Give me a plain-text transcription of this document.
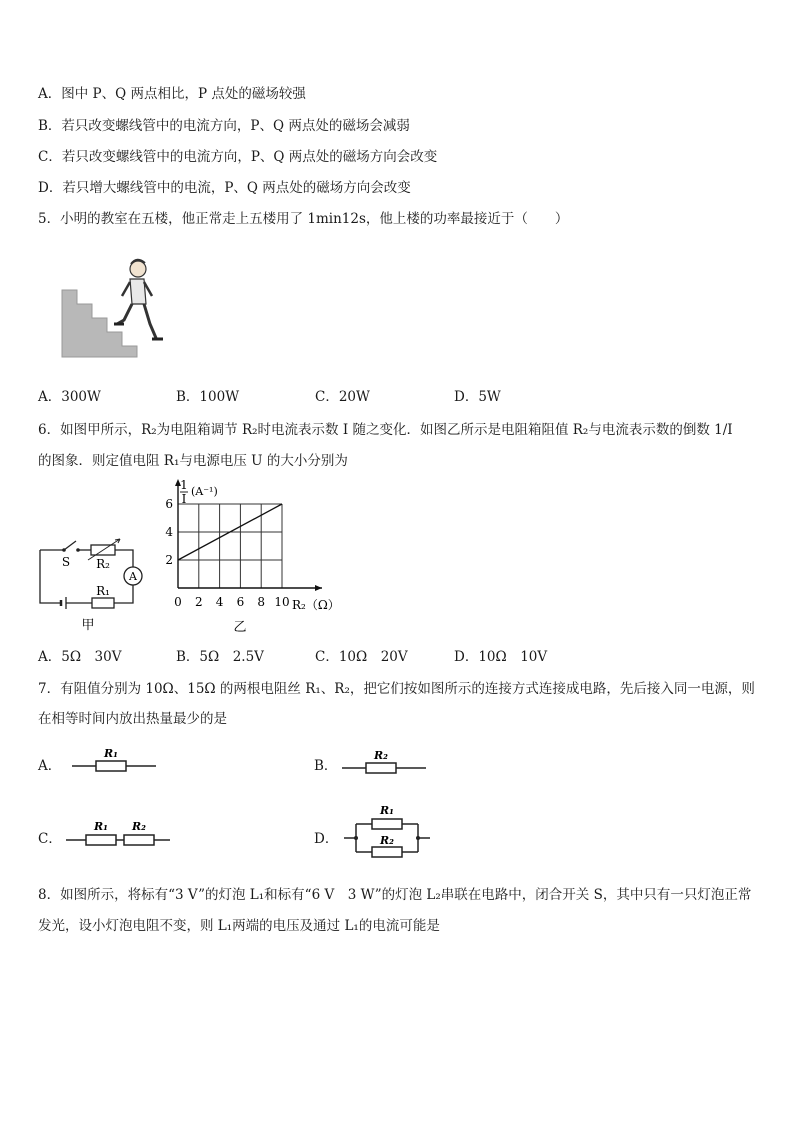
A．图中 P、Q 两点相比，P 点处的磁场较强
B．若只改变螺线管中的电流方向，P、Q 两点处的磁场会减弱
C．若只改变螺线管中的电流方向，P、Q 两点处的磁场方向会改变
D．若只增大螺线管中的电流，P、Q 两点处的磁场方向会改变
5．小明的教室在五楼，他正常走上五楼用了 1min12s，他上楼的功率最接近于（　　）
A．300W	B．100W	C．20W	D．5W
6．如图甲所示，R₂为电阻箱调节 R₂时电流表示数 I 随之变化．如图乙所示是电阻箱阻值 R₂与电流表示数的倒数 1/I
的图象．则定值电阻 R₁与电源电压 U 的大小分别为
S R₂
A
R₁
甲
0 2 4 6 8 10
2
4
6
1
I
(A⁻¹)
R₂（Ω）
乙
A．5Ω　30V	B．5Ω　2.5V	C．10Ω　20V	D．10Ω　10V
7．有阻值分别为 10Ω、15Ω 的两根电阻丝 R₁、R₂，把它们按如图所示的连接方式连接成电路，先后接入同一电源，则
在相等时间内放出热量最少的是
A．
R₁
B．
R₂
C．
R₁ R₂
D．
R₁
R₂
8．如图所示，将标有“3 V”的灯泡 L₁和标有“6 V　3 W”的灯泡 L₂串联在电路中，闭合开关 S，其中只有一只灯泡正常
发光，设小灯泡电阻不变，则 L₁两端的电压及通过 L₁的电流可能是
